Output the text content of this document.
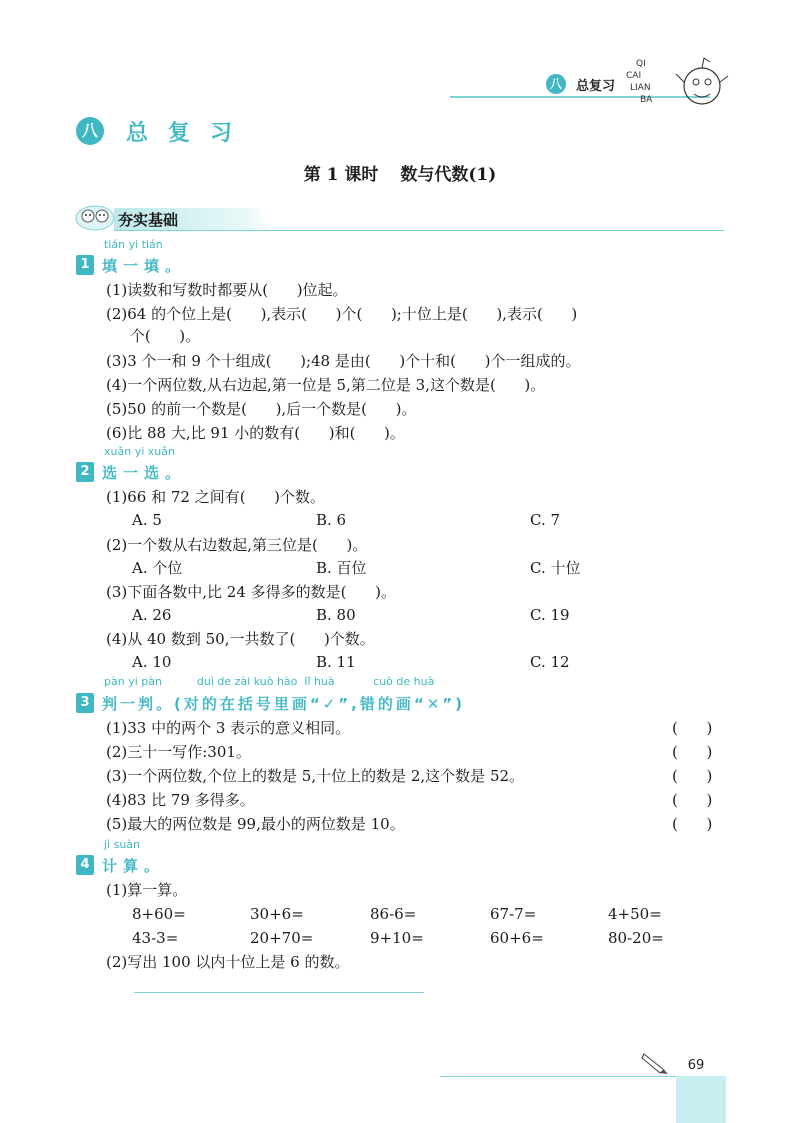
八	总复习
QI
CAI
LIAN
BA
八 总复习
第 1 课时 数与代数(1)
夯实基础
tián yi tián
1 填一填。
(1)读数和写数时都要从(      )位起。
(2)64 的个位上是(      ),表示(      )个(      );十位上是(      ),表示(      )
个(      )。
(3)3 个一和 9 个十组成(      );48 是由(      )个十和(      )个一组成的。
(4)一个两位数,从右边起,第一位是 5,第二位是 3,这个数是(      )。
(5)50 的前一个数是(      ),后一个数是(      )。
(6)比 88 大,比 91 小的数有(      )和(      )。
xuǎn yi xuǎn
2 选一选。
(1)66 和 72 之间有(      )个数。
A. 5	B. 6	C. 7
(2)一个数从右边数起,第三位是(      )。
A. 个位	B. 百位	C. 十位
(3)下面各数中,比 24 多得多的数是(      )。
A. 26	B. 80	C. 19
(4)从 40 数到 50,一共数了(      )个数。
A. 10	B. 11	C. 12
pàn yi pàn          duì de zài kuò hào  lǐ huà           cuò de huà
3 判一判。(对的在括号里画“✓”,错的画“✕”)
(1)33 中的两个 3 表示的意义相同。	(      )
(2)三十一写作:301。	(      )
(3)一个两位数,个位上的数是 5,十位上的数是 2,这个数是 52。	(      )
(4)83 比 79 多得多。	(      )
(5)最大的两位数是 99,最小的两位数是 10。	(      )
jì suàn
4 计算。
(1)算一算。
8+60=	30+6=	86-6=	67-7=	4+50=
43-3=	20+70=	9+10=	60+6=	80-20=
(2)写出 100 以内十位上是 6 的数。
69
